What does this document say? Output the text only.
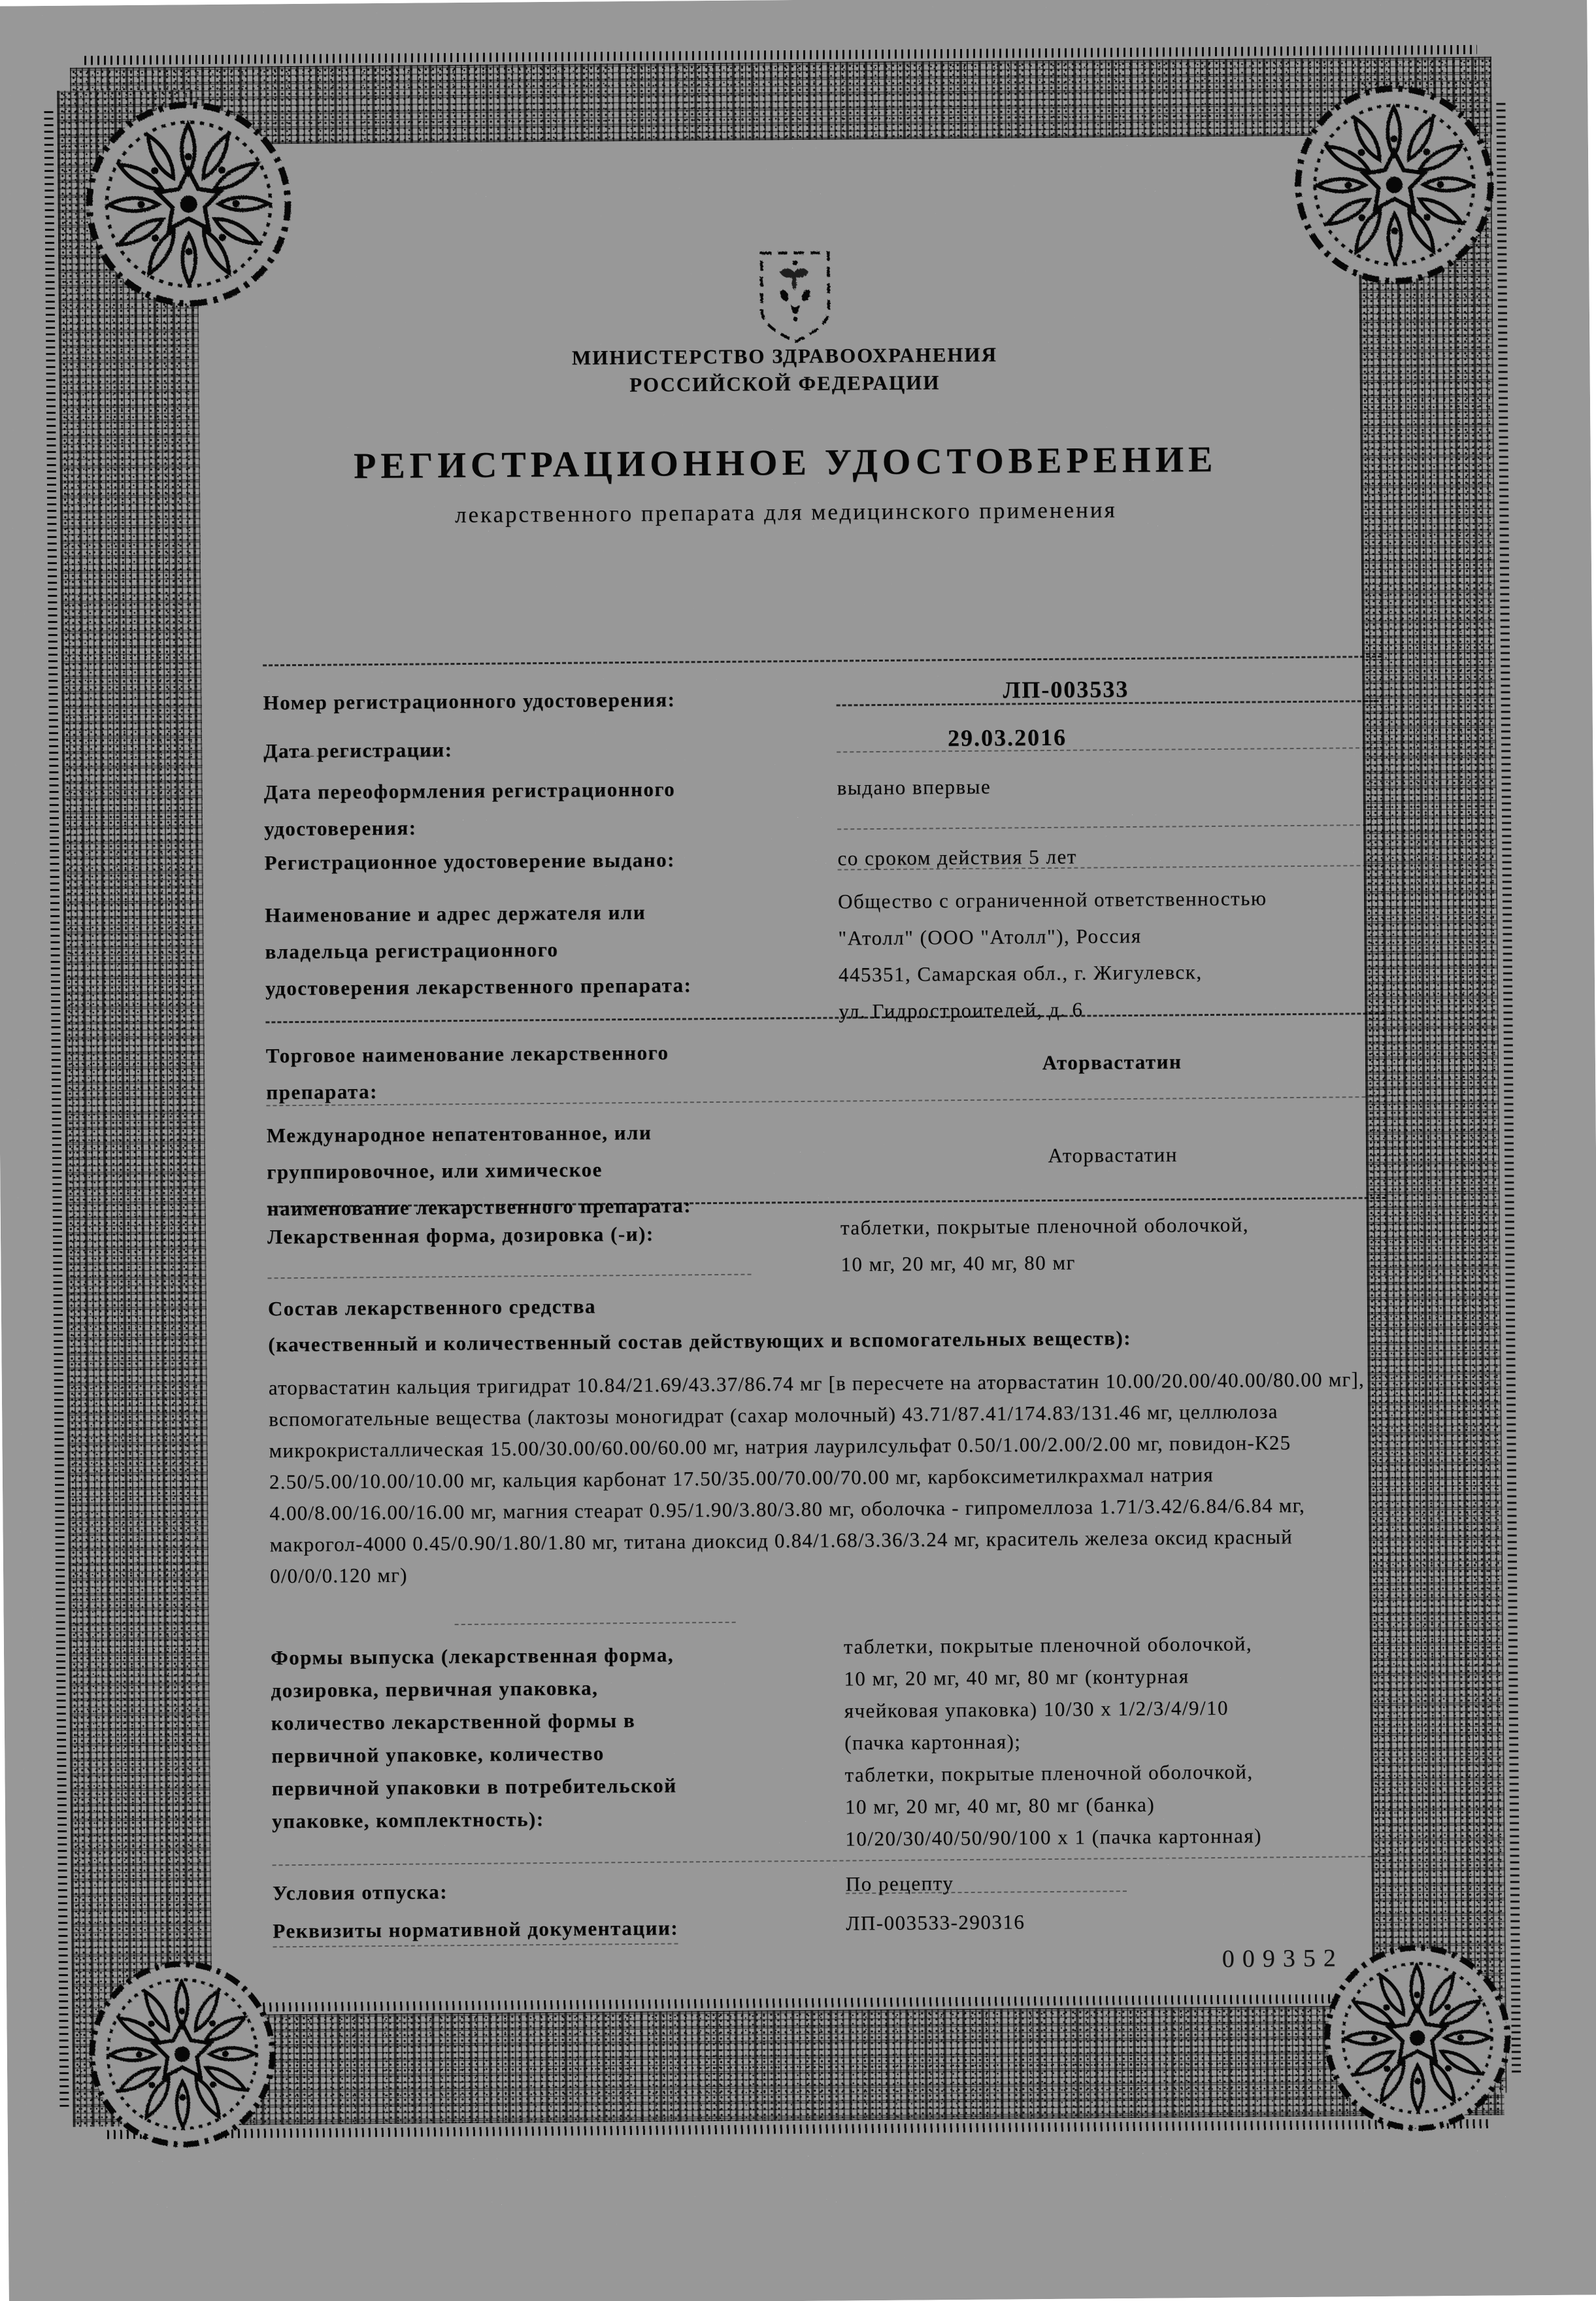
МИНИСТЕРСТВО ЗДРАВООХРАНЕНИЯ
РОССИЙСКОЙ ФЕДЕРАЦИИ
РЕГИСТРАЦИОННОЕ УДОСТОВЕРЕНИЕ
лекарственного препарата для медицинского применения
Номер регистрационного удостоверения:	ЛП-003533
Дата регистрации:	29.03.2016
Дата переоформления регистрационного
удостоверения:
выдано впервые
Регистрационное удостоверение выдано:	со сроком действия 5 лет
Наименование и адрес держателя или
владельца регистрационного
удостоверения лекарственного препарата:
Общество с ограниченной ответственностью
"Атолл" (ООО "Атолл"), Россия
445351, Самарская обл., г. Жигулевск,
ул. Гидростроителей, д. 6
Торговое наименование лекарственного
препарата:
Аторвастатин
Международное непатентованное, или
группировочное, или химическое
наименование лекарственного препарата:
Аторвастатин
Лекарственная форма, дозировка (-и):	таблетки, покрытые пленочной оболочкой,
10 мг, 20 мг, 40 мг, 80 мг
Состав лекарственного средства
(качественный и количественный состав действующих и вспомогательных веществ):
аторвастатин кальция тригидрат 10.84/21.69/43.37/86.74 мг [в пересчете на аторвастатин 10.00/20.00/40.00/80.00 мг], вспомогательные вещества (лактозы моногидрат (сахар молочный) 43.71/87.41/174.83/131.46 мг, целлюлоза микрокристаллическая 15.00/30.00/60.00/60.00 мг, натрия лаурилсульфат 0.50/1.00/2.00/2.00 мг, повидон-К25 2.50/5.00/10.00/10.00 мг, кальция карбонат 17.50/35.00/70.00/70.00 мг, карбоксиметилкрахмал натрия 4.00/8.00/16.00/16.00 мг, магния стеарат 0.95/1.90/3.80/3.80 мг, оболочка - гипромеллоза 1.71/3.42/6.84/6.84 мг, макрогол-4000 0.45/0.90/1.80/1.80 мг, титана диоксид 0.84/1.68/3.36/3.24 мг, краситель железа оксид красный 0/0/0/0.120 мг)
Формы выпуска (лекарственная форма,
дозировка, первичная упаковка,
количество лекарственной формы в
первичной упаковке, количество
первичной упаковки в потребительской
упаковке, комплектность):
таблетки, покрытые пленочной оболочкой,
10 мг, 20 мг, 40 мг, 80 мг (контурная
ячейковая упаковка) 10/30 x 1/2/3/4/9/10
(пачка картонная);
таблетки, покрытые пленочной оболочкой,
10 мг, 20 мг, 40 мг, 80 мг (банка)
10/20/30/40/50/90/100 x 1 (пачка картонная)
Условия отпуска:	По рецепту
Реквизиты нормативной документации:	ЛП-003533-290316
009352
